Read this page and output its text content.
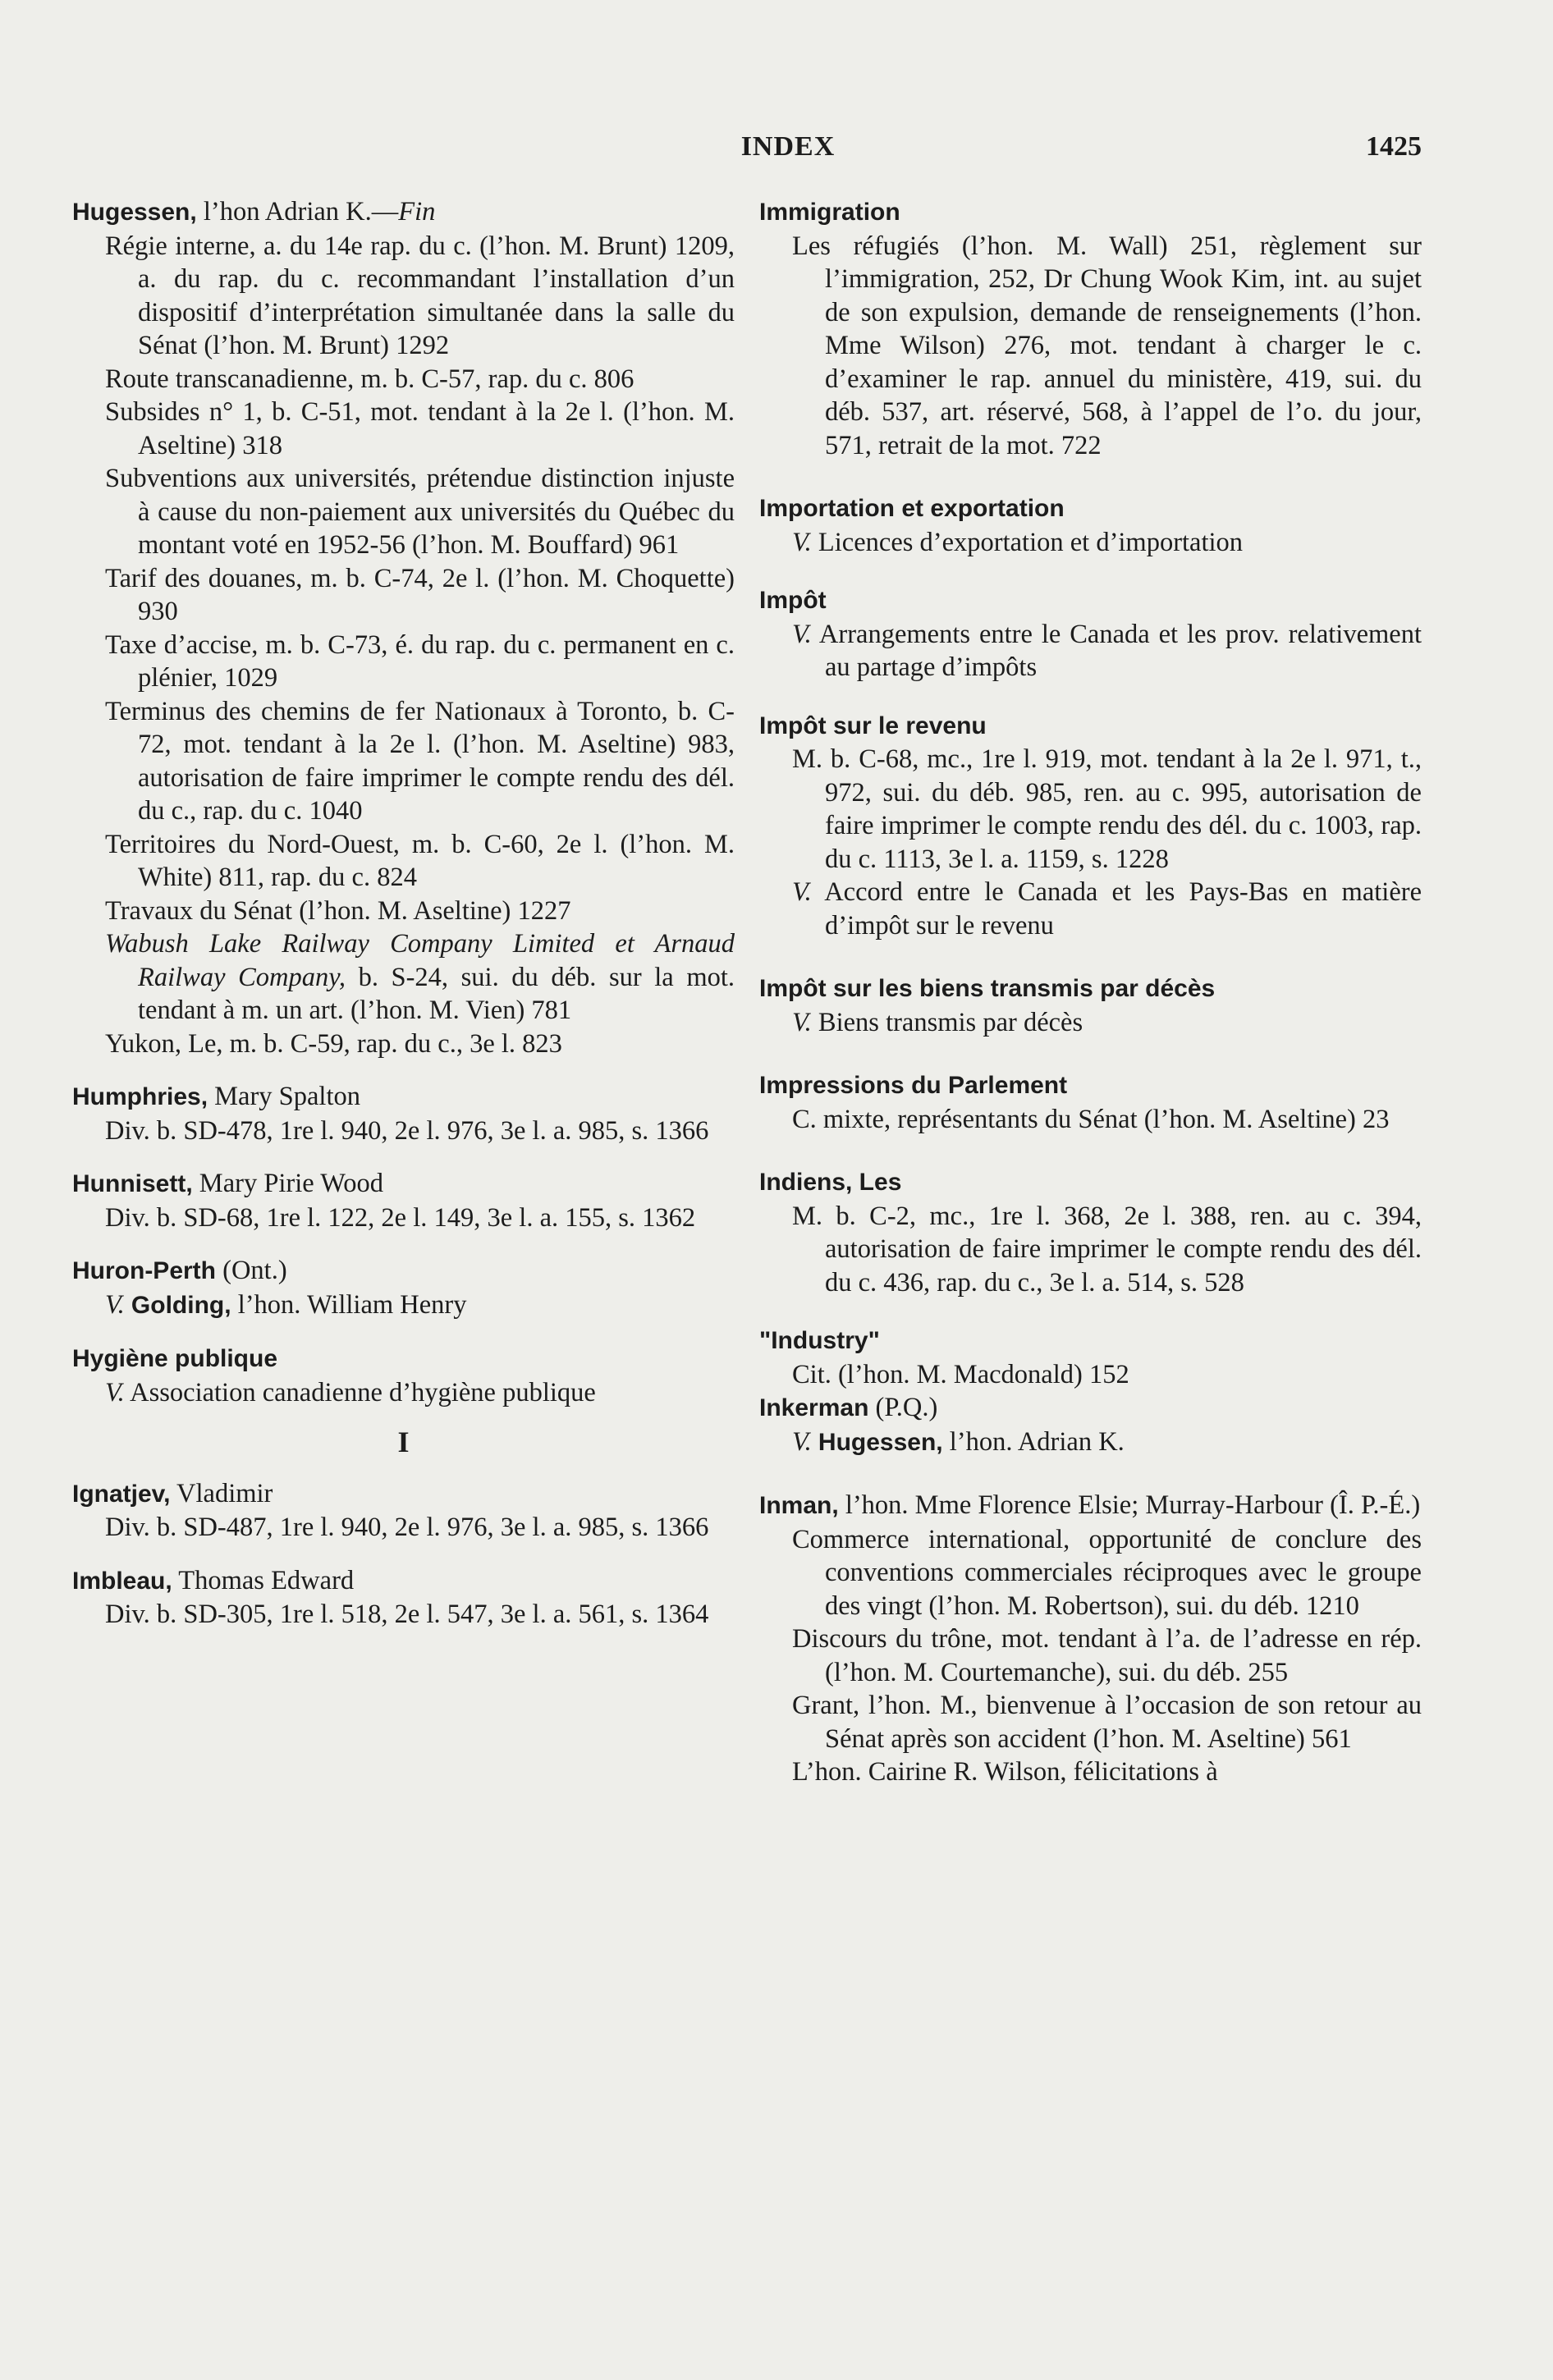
INDEX	1425
Hugessen, l’hon Adrian K.—Fin
Régie interne, a. du 14e rap. du c. (l’hon. M. Brunt) 1209, a. du rap. du c. recommandant l’installation d’un dispositif d’interprétation simultanée dans la salle du Sénat (l’hon. M. Brunt) 1292
Route transcanadienne, m. b. C-57, rap. du c. 806
Subsides n° 1, b. C-51, mot. tendant à la 2e l. (l’hon. M. Aseltine) 318
Subventions aux universités, prétendue distinction injuste à cause du non-paiement aux universités du Québec du montant voté en 1952-56 (l’hon. M. Bouffard) 961
Tarif des douanes, m. b. C-74, 2e l. (l’hon. M. Choquette) 930
Taxe d’accise, m. b. C-73, é. du rap. du c. permanent en c. plénier, 1029
Terminus des chemins de fer Nationaux à Toronto, b. C-72, mot. tendant à la 2e l. (l’hon. M. Aseltine) 983, autorisation de faire imprimer le compte rendu des dél. du c., rap. du c. 1040
Territoires du Nord-Ouest, m. b. C-60, 2e l. (l’hon. M. White) 811, rap. du c. 824
Travaux du Sénat (l’hon. M. Aseltine) 1227
Wabush Lake Railway Company Limited et Arnaud Railway Company, b. S-24, sui. du déb. sur la mot. tendant à m. un art. (l’hon. M. Vien) 781
Yukon, Le, m. b. C-59, rap. du c., 3e l. 823
Humphries, Mary Spalton
Div. b. SD-478, 1re l. 940, 2e l. 976, 3e l. a. 985, s. 1366
Hunnisett, Mary Pirie Wood
Div. b. SD-68, 1re l. 122, 2e l. 149, 3e l. a. 155, s. 1362
Huron-Perth (Ont.)
V. Golding, l’hon. William Henry
Hygiène publique
V. Association canadienne d’hygiène publique
I
Ignatjev, Vladimir
Div. b. SD-487, 1re l. 940, 2e l. 976, 3e l. a. 985, s. 1366
Imbleau, Thomas Edward
Div. b. SD-305, 1re l. 518, 2e l. 547, 3e l. a. 561, s. 1364
Immigration
Les réfugiés (l’hon. M. Wall) 251, règlement sur l’immigration, 252, Dr Chung Wook Kim, int. au sujet de son expulsion, demande de renseignements (l’hon. Mme Wilson) 276, mot. tendant à charger le c. d’examiner le rap. annuel du ministère, 419, sui. du déb. 537, art. réservé, 568, à l’appel de l’o. du jour, 571, retrait de la mot. 722
Importation et exportation
V. Licences d’exportation et d’importation
Impôt
V. Arrangements entre le Canada et les prov. relativement au partage d’impôts
Impôt sur le revenu
M. b. C-68, mc., 1re l. 919, mot. tendant à la 2e l. 971, t., 972, sui. du déb. 985, ren. au c. 995, autorisation de faire imprimer le compte rendu des dél. du c. 1003, rap. du c. 1113, 3e l. a. 1159, s. 1228
V. Accord entre le Canada et les Pays-Bas en matière d’impôt sur le revenu
Impôt sur les biens transmis par décès
V. Biens transmis par décès
Impressions du Parlement
C. mixte, représentants du Sénat (l’hon. M. Aseltine) 23
Indiens, Les
M. b. C-2, mc., 1re l. 368, 2e l. 388, ren. au c. 394, autorisation de faire imprimer le compte rendu des dél. du c. 436, rap. du c., 3e l. a. 514, s. 528
"Industry"
Cit. (l’hon. M. Macdonald) 152
Inkerman (P.Q.)
V. Hugessen, l’hon. Adrian K.
Inman, l’hon. Mme Florence Elsie; Murray-Harbour (Î. P.-É.)
Commerce international, opportunité de conclure des conventions commerciales réciproques avec le groupe des vingt (l’hon. M. Robertson), sui. du déb. 1210
Discours du trône, mot. tendant à l’a. de l’adresse en rép. (l’hon. M. Courtemanche), sui. du déb. 255
Grant, l’hon. M., bienvenue à l’occasion de son retour au Sénat après son accident (l’hon. M. Aseltine) 561
L’hon. Cairine R. Wilson, félicitations à
